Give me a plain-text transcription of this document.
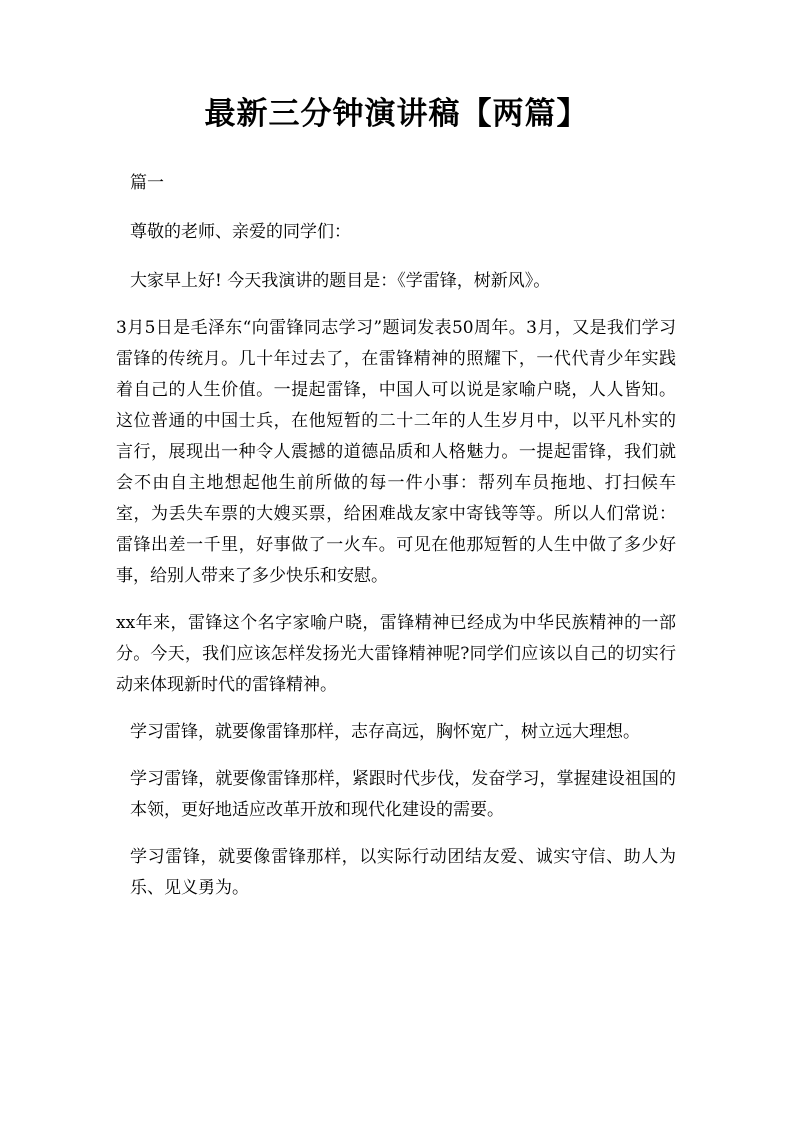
最新三分钟演讲稿【两篇】

篇一

尊敬的老师、亲爱的同学们：

大家早上好! 今天我演讲的题目是：《学雷锋，树新风》。

3月5日是毛泽东“向雷锋同志学习”题词发表50周年。3月，又是我们学习雷锋的传统月。几十年过去了，在雷锋精神的照耀下，一代代青少年实践着自己的人生价值。一提起雷锋，中国人可以说是家喻户晓，人人皆知。这位普通的中国士兵，在他短暂的二十二年的人生岁月中，以平凡朴实的言行，展现出一种令人震撼的道德品质和人格魅力。一提起雷锋，我们就会不由自主地想起他生前所做的每一件小事：帮列车员拖地、打扫候车室，为丢失车票的大嫂买票，给困难战友家中寄钱等等。所以人们常说：雷锋出差一千里，好事做了一火车。可见在他那短暂的人生中做了多少好事，给别人带来了多少快乐和安慰。

xx年来，雷锋这个名字家喻户晓，雷锋精神已经成为中华民族精神的一部分。今天，我们应该怎样发扬光大雷锋精神呢?同学们应该以自己的切实行动来体现新时代的雷锋精神。

学习雷锋，就要像雷锋那样，志存高远，胸怀宽广，树立远大理想。

学习雷锋，就要像雷锋那样，紧跟时代步伐，发奋学习，掌握建设祖国的本领，更好地适应改革开放和现代化建设的需要。

学习雷锋，就要像雷锋那样，以实际行动团结友爱、诚实守信、助人为乐、见义勇为。
